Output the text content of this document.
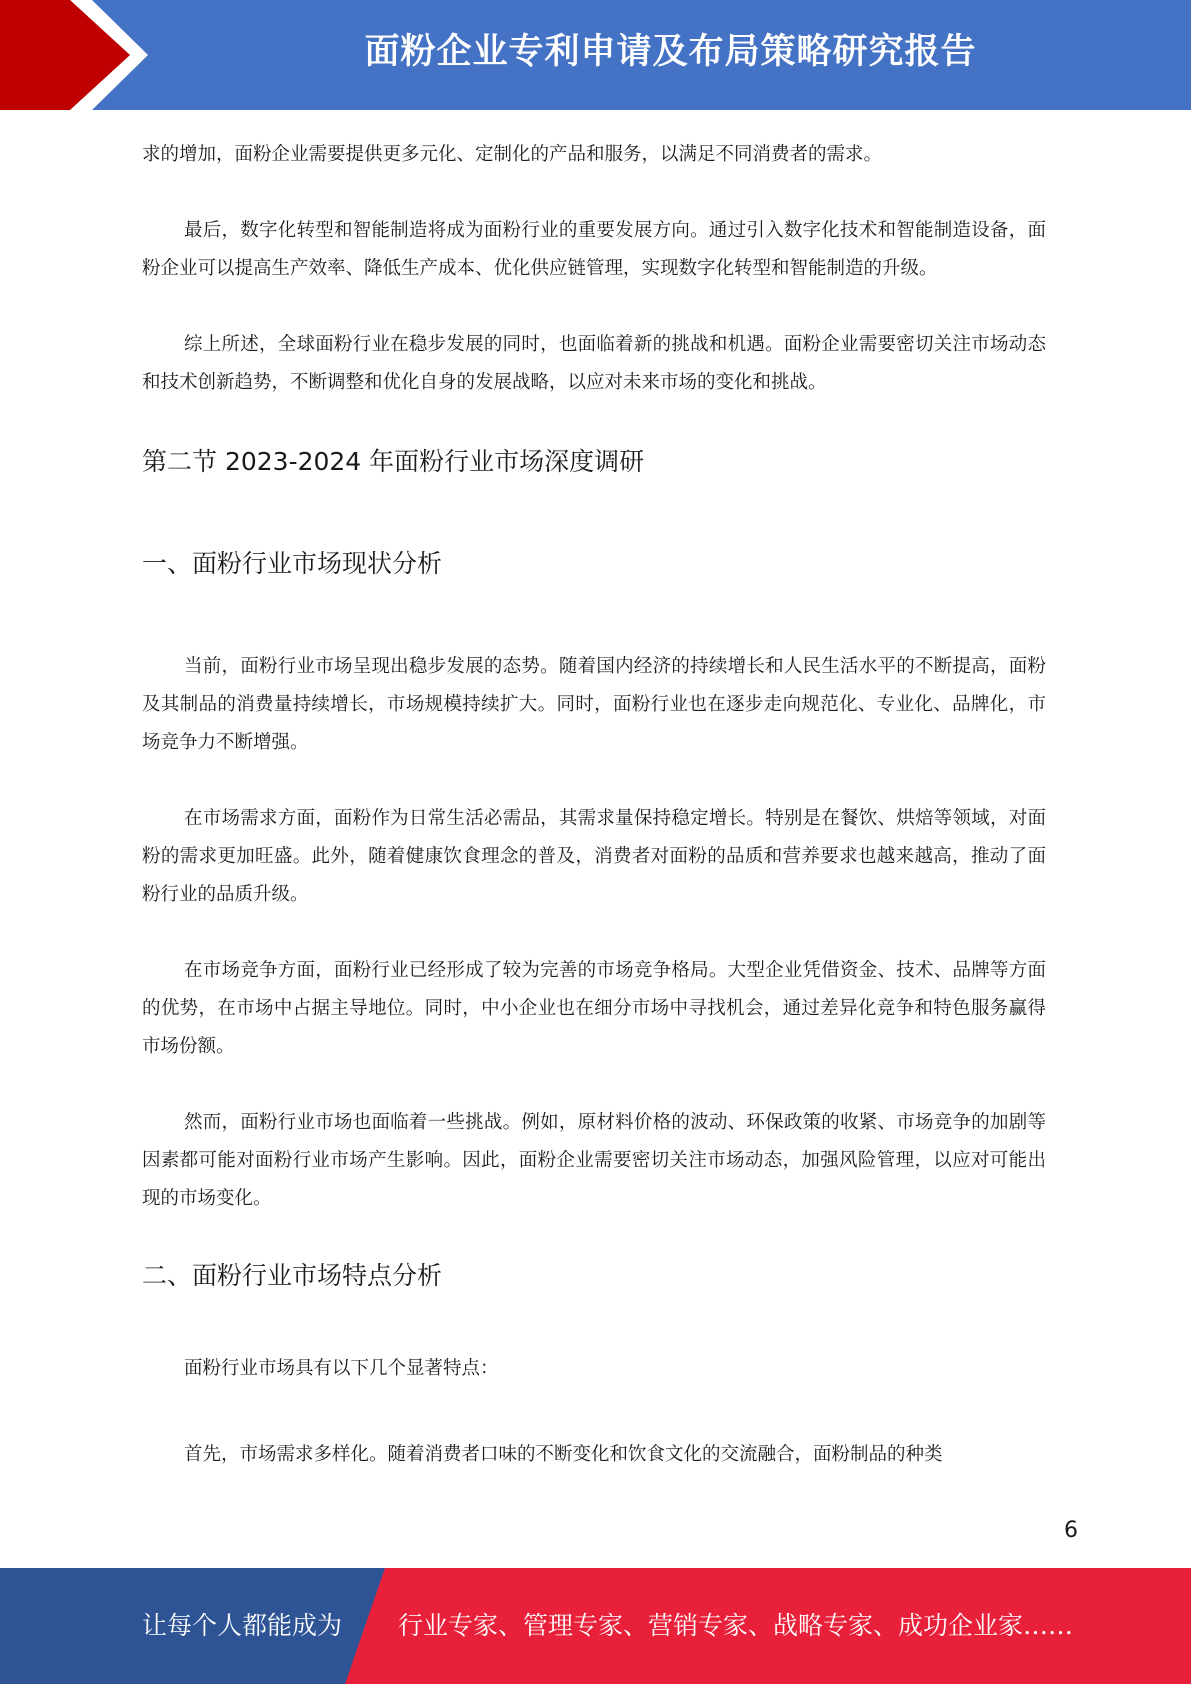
面粉企业专利申请及布局策略研究报告

求的增加，面粉企业需要提供更多元化、定制化的产品和服务，以满足不同消费者的需求。

最后，数字化转型和智能制造将成为面粉行业的重要发展方向。通过引入数字化技术和智能制造设备，面粉企业可以提高生产效率、降低生产成本、优化供应链管理，实现数字化转型和智能制造的升级。

综上所述，全球面粉行业在稳步发展的同时，也面临着新的挑战和机遇。面粉企业需要密切关注市场动态和技术创新趋势，不断调整和优化自身的发展战略，以应对未来市场的变化和挑战。

第二节 2023-2024 年面粉行业市场深度调研
一、面粉行业市场现状分析

当前，面粉行业市场呈现出稳步发展的态势。随着国内经济的持续增长和人民生活水平的不断提高，面粉及其制品的消费量持续增长，市场规模持续扩大。同时，面粉行业也在逐步走向规范化、专业化、品牌化，市场竞争力不断增强。

在市场需求方面，面粉作为日常生活必需品，其需求量保持稳定增长。特别是在餐饮、烘焙等领域，对面粉的需求更加旺盛。此外，随着健康饮食理念的普及，消费者对面粉的品质和营养要求也越来越高，推动了面粉行业的品质升级。

在市场竞争方面，面粉行业已经形成了较为完善的市场竞争格局。大型企业凭借资金、技术、品牌等方面的优势，在市场中占据主导地位。同时，中小企业也在细分市场中寻找机会，通过差异化竞争和特色服务赢得市场份额。

然而，面粉行业市场也面临着一些挑战。例如，原材料价格的波动、环保政策的收紧、市场竞争的加剧等因素都可能对面粉行业市场产生影响。因此，面粉企业需要密切关注市场动态，加强风险管理，以应对可能出现的市场变化。

二、面粉行业市场特点分析

面粉行业市场具有以下几个显著特点：

首先，市场需求多样化。随着消费者口味的不断变化和饮食文化的交流融合，面粉制品的种类

6
让每个人都能成为 行业专家、管理专家、营销专家、战略专家、成功企业家……
